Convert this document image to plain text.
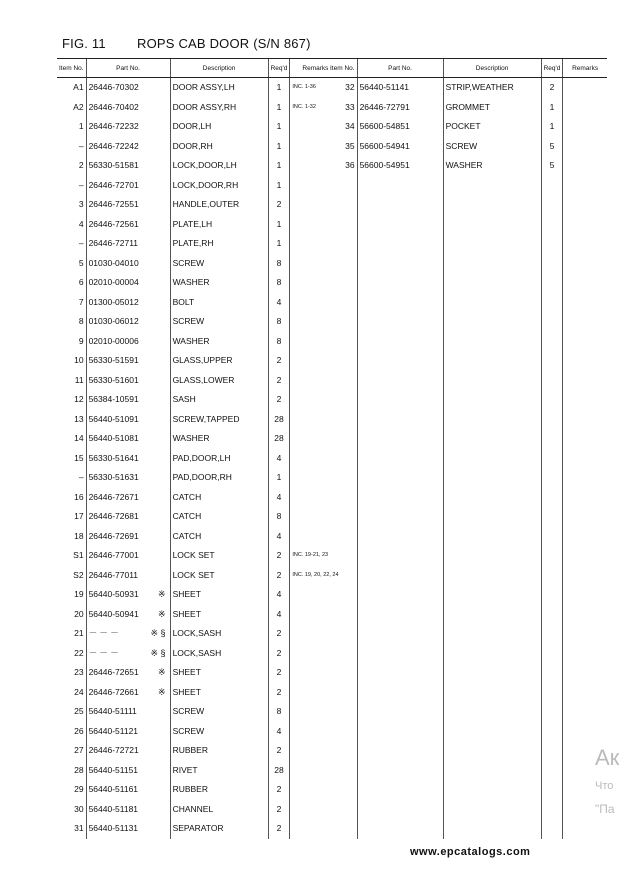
FIG. 11 ROPS CAB DOOR (S/N 867)
Item No.	Part No.	Description	Req'd	Remarks
A1	26446-70302	DOOR ASSY,LH	1	INC. 1-36
A2	26446-70402	DOOR ASSY,RH	1	INC. 1-32
1	26446-72232	DOOR,LH	1	
–	26446-72242	DOOR,RH	1	
2	56330-51581	LOCK,DOOR,LH	1	
–	26446-72701	LOCK,DOOR,RH	1	
3	26446-72551	HANDLE,OUTER	2	
4	26446-72561	PLATE,LH	1	
–	26446-72711	PLATE,RH	1	
5	01030-04010	SCREW	8	
6	02010-00004	WASHER	8	
7	01300-05012	BOLT	4	
8	01030-06012	SCREW	8	
9	02010-00006	WASHER	8	
10	56330-51591	GLASS,UPPER	2	
11	56330-51601	GLASS,LOWER	2	
12	56384-10591	SASH	2	
13	56440-51091	SCREW,TAPPED	28	
14	56440-51081	WASHER	28	
15	56330-51641	PAD,DOOR,LH	4	
–	56330-51631	PAD,DOOR,RH	1	
16	26446-72671	CATCH	4	
17	26446-72681	CATCH	8	
18	26446-72691	CATCH	4	
S1	26446-77001	LOCK SET	2	INC. 19-21, 23
S2	26446-77011	LOCK SET	2	INC. 19, 20, 22, 24
19	56440-50931 ※	SHEET	4	
20	56440-50941 ※	SHEET	4	
21	－ － － ※ §	LOCK,SASH	2	
22	－ － － ※ §	LOCK,SASH	2	
23	26446-72651 ※	SHEET	2	
24	26446-72661 ※	SHEET	2	
25	56440-51111	SCREW	8	
26	56440-51121	SCREW	4	
27	26446-72721	RUBBER	2	
28	56440-51151	RIVET	28	
29	56440-51161	RUBBER	2	
30	56440-51181	CHANNEL	2	
31	56440-51131	SEPARATOR	2	
Item No.	Part No.	Description	Req'd	Remarks
32	56440-51141	STRIP,WEATHER	2	
33	26446-72791	GROMMET	1	
34	56600-54851	POCKET	1	
35	56600-54941	SCREW	5	
36	56600-54951	WASHER	5	

Ак
Что
"Па
www.epcatalogs.com
